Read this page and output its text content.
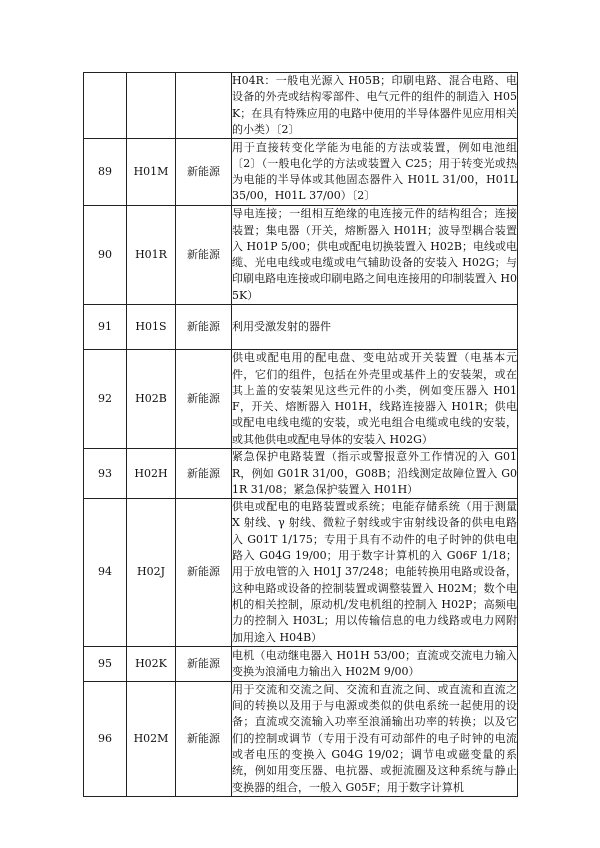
			H04R：一般电光源入 H05B；印刷电路、混合电路、电设备的外壳或结构零部件、电气元件的组件的制造入 H05K；在具有特殊应用的电路中使用的半导体器件见应用相关的小类）〔2〕
89	H01M	新能源	用于直接转变化学能为电能的方法或装置，例如电池组〔2〕（一般电化学的方法或装置入 C25；用于转变光或热为电能的半导体或其他固态器件入 H01L 31/00，H01L 35/00，H01L 37/00）〔2〕
90	H01R	新能源	导电连接；一组相互绝缘的电连接元件的结构组合；连接装置；集电器（开关，熔断器入 H01H；波导型耦合装置入 H01P 5/00；供电或配电切换装置入 H02B；电线或电缆、光电电线或电缆或电气辅助设备的安装入 H02G；与印刷电路电连接或印刷电路之间电连接用的印制装置入 H05K）
91	H01S	新能源	利用受激发射的器件
92	H02B	新能源	供电或配电用的配电盘、变电站或开关装置（电基本元件，它们的组件，包括在外壳里或基件上的安装架，或在其上盖的安装架见这些元件的小类，例如变压器入 H01F，开关、熔断器入 H01H，线路连接器入 H01R；供电或配电电线电缆的安装，或光电组合电缆或电线的安装，或其他供电或配电导体的安装入 H02G）
93	H02H	新能源	紧急保护电路装置（指示或警报意外工作情况的入 G01R，例如 G01R 31/00，G08B；沿线测定故障位置入 G01R 31/08；紧急保护装置入 H01H）
94	H02J	新能源	供电或配电的电路装置或系统；电能存储系统（用于测量 X 射线、γ 射线、微粒子射线或宇宙射线设备的供电电路入 G01T 1/175；专用于具有不动件的电子时钟的供电电路入 G04G 19/00；用于数字计算机的入 G06F 1/18；用于放电管的入 H01J 37/248；电能转换用电路或设备，这种电路或设备的控制装置或调整装置入 H02M；数个电机的相关控制，原动机/发电机组的控制入 H02P；高频电力的控制入 H03L；用以传输信息的电力线路或电力网附加用途入 H04B）
95	H02K	新能源	电机（电动继电器入 H01H 53/00；直流或交流电力输入变换为浪涌电力输出入 H02M 9/00）
96	H02M	新能源	用于交流和交流之间、交流和直流之间、或直流和直流之间的转换以及用于与电源或类似的供电系统一起使用的设备；直流或交流输入功率至浪涌输出功率的转换；以及它们的控制或调节（专用于没有可动部件的电子时钟的电流或者电压的变换入 G04G 19/02；调节电或磁变量的系统，例如用变压器、电抗器、或扼流圈及这种系统与静止变换器的组合，一般入 G05F；用于数字计算机
